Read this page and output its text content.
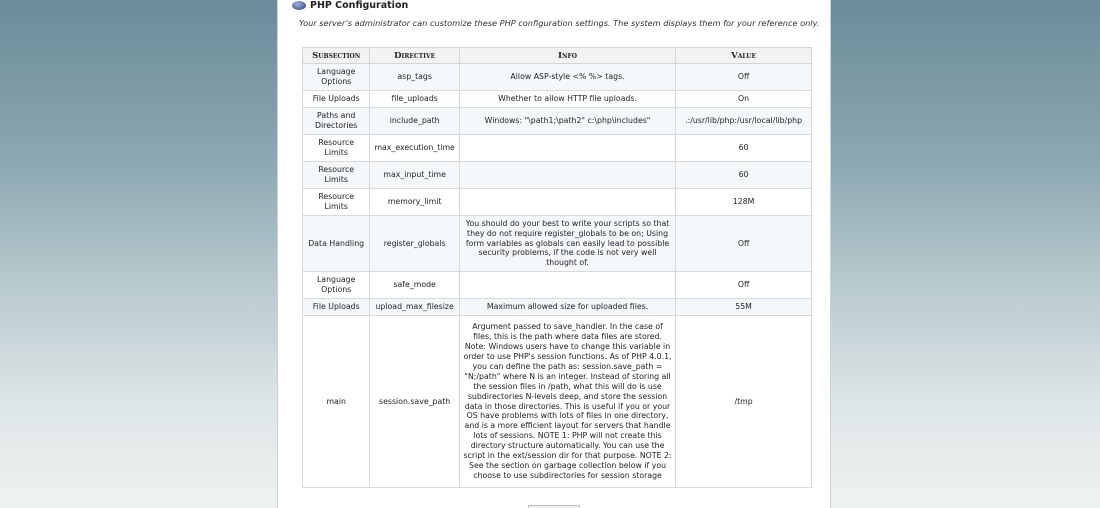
PHP Configuration
Your server’s administrator can customize these PHP configuration settings. The system displays them for your reference only.
Subsection	Directive	Info	Value
Language Options	asp_tags	Allow ASP-style <% %> tags.	Off
File Uploads	file_uploads	Whether to allow HTTP file uploads.	On
Paths and Directories	include_path	Windows: "\path1;\path2" c:\php\includes"	.:/usr/lib/php:/usr/local/lib/php
Resource Limits	max_execution_time		60
Resource Limits	max_input_time		60
Resource Limits	memory_limit		128M
Data Handling	register_globals	You should do your best to write your scripts so that they do not require register_globals to be on; Using form variables as globals can easily lead to possible security problems, if the code is not very well thought of.	Off
Language Options	safe_mode		Off
File Uploads	upload_max_filesize	Maximum allowed size for uploaded files.	55M
main	session.save_path	Argument passed to save_handler. In the case of files, this is the path where data files are stored. Note: Windows users have to change this variable in order to use PHP's session functions. As of PHP 4.0.1, you can define the path as: session.save_path = "N;/path" where N is an integer. Instead of storing all the session files in /path, what this will do is use subdirectories N-levels deep, and store the session data in those directories. This is useful if you or your OS have problems with lots of files in one directory, and is a more efficient layout for servers that handle lots of sessions. NOTE 1: PHP will not create this directory structure automatically. You can use the script in the ext/session dir for that purpose. NOTE 2: See the section on garbage collection below if you choose to use subdirectories for session storage	/tmp
